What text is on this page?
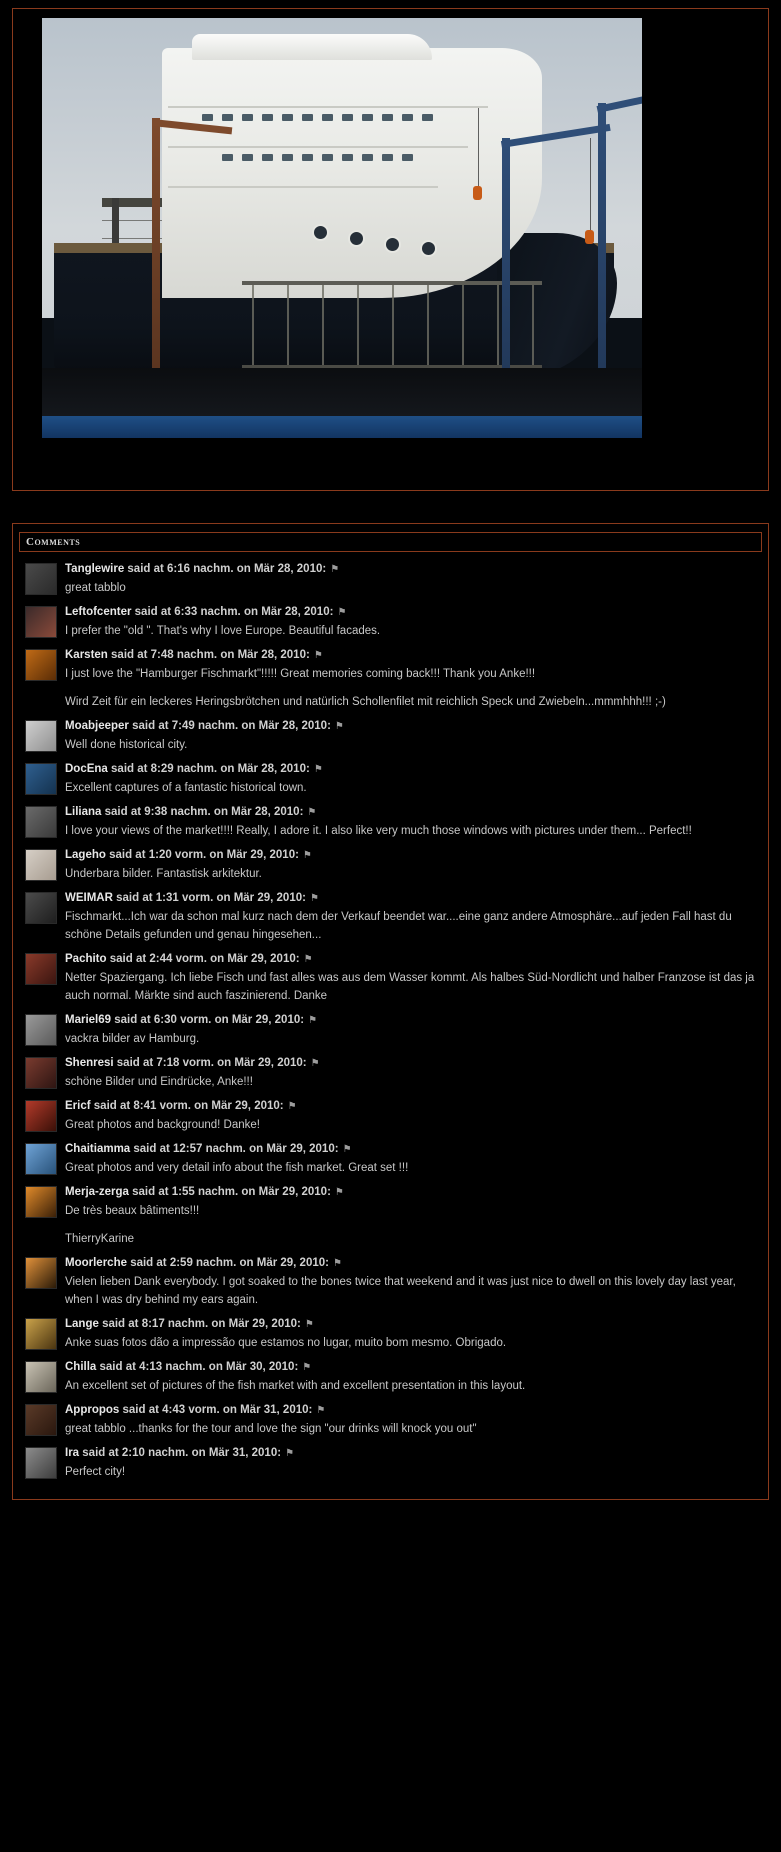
Comments
Tanglewire said at 6:16 nachm. on Mär 28, 2010: ⚑

great tabblo

Leftofcenter said at 6:33 nachm. on Mär 28, 2010: ⚑

I prefer the "old ". That's why I love Europe. Beautiful facades.

Karsten said at 7:48 nachm. on Mär 28, 2010: ⚑

I just love the "Hamburger Fischmarkt"!!!!! Great memories coming back!!! Thank you Anke!!!

Wird Zeit für ein leckeres Heringsbrötchen und natürlich Schollenfilet mit reichlich Speck und Zwiebeln...mmmhhh!!! ;-)

Moabjeeper said at 7:49 nachm. on Mär 28, 2010: ⚑

Well done historical city.

DocEna said at 8:29 nachm. on Mär 28, 2010: ⚑

Excellent captures of a fantastic historical town.

Liliana said at 9:38 nachm. on Mär 28, 2010: ⚑

I love your views of the market!!!! Really, I adore it. I also like very much those windows with pictures under them... Perfect!!

Lageho said at 1:20 vorm. on Mär 29, 2010: ⚑

Underbara bilder. Fantastisk arkitektur.

WEIMAR said at 1:31 vorm. on Mär 29, 2010: ⚑

Fischmarkt...Ich war da schon mal kurz nach dem der Verkauf beendet war....eine ganz andere Atmosphäre...auf jeden Fall hast du schöne Details gefunden und genau hingesehen...

Pachito said at 2:44 vorm. on Mär 29, 2010: ⚑

Netter Spaziergang. Ich liebe Fisch und fast alles was aus dem Wasser kommt. Als halbes Süd-Nordlicht und halber Franzose ist das ja auch normal. Märkte sind auch faszinierend. Danke

Mariel69 said at 6:30 vorm. on Mär 29, 2010: ⚑

vackra bilder av Hamburg.

Shenresi said at 7:18 vorm. on Mär 29, 2010: ⚑

schöne Bilder und Eindrücke, Anke!!!

Ericf said at 8:41 vorm. on Mär 29, 2010: ⚑

Great photos and background! Danke!

Chaitiamma said at 12:57 nachm. on Mär 29, 2010: ⚑

Great photos and very detail info about the fish market. Great set !!!

Merja-zerga said at 1:55 nachm. on Mär 29, 2010: ⚑

De très beaux bâtiments!!!

ThierryKarine

Moorlerche said at 2:59 nachm. on Mär 29, 2010: ⚑

Vielen lieben Dank everybody. I got soaked to the bones twice that weekend and it was just nice to dwell on this lovely day last year, when I was dry behind my ears again.

Lange said at 8:17 nachm. on Mär 29, 2010: ⚑

Anke suas fotos dão a impressão que estamos no lugar, muito bom mesmo. Obrigado.

Chilla said at 4:13 nachm. on Mär 30, 2010: ⚑

An excellent set of pictures of the fish market with and excellent presentation in this layout.

Appropos said at 4:43 vorm. on Mär 31, 2010: ⚑

great tabblo ...thanks for the tour and love the sign "our drinks will knock you out"

Ira said at 2:10 nachm. on Mär 31, 2010: ⚑

Perfect city!
